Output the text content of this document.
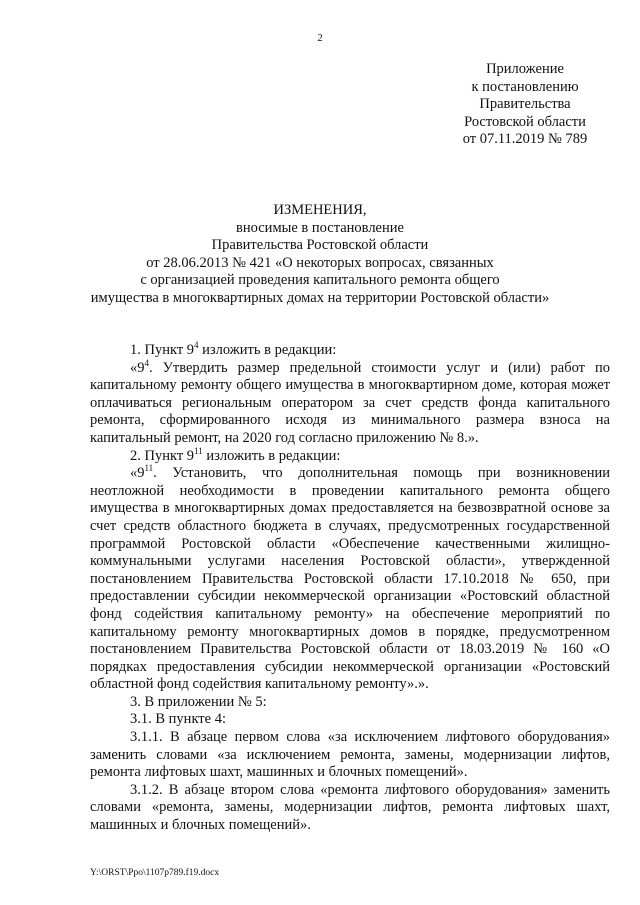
2
Приложение
к постановлению
Правительства
Ростовской области
от 07.11.2019 № 789
ИЗМЕНЕНИЯ,
вносимые в постановление
Правительства Ростовской области
от 28.06.2013 № 421 «О некоторых вопросах, связанных
с организацией проведения капитального ремонта общего
имущества в многоквартирных домах на территории Ростовской области»

1. Пункт $9^4$ изложить в редакции:

«$9^4$. Утвердить размер предельной стоимости услуг и (или) работ по капитальному ремонту общего имущества в многоквартирном доме, которая может оплачиваться региональным оператором за счет средств фонда капитального ремонта, сформированного исходя из минимального размера взноса на капитальный ремонт, на 2020 год согласно приложению № 8.».

2. Пункт $9^{11}$ изложить в редакции:

«$9^{11}$. Установить, что дополнительная помощь при возникновении неотложной необходимости в проведении капитального ремонта общего имущества в многоквартирных домах предоставляется на безвозвратной основе за счет средств областного бюджета в случаях, предусмотренных государственной программой Ростовской области «Обеспечение качественными жилищно-коммунальными услугами населения Ростовской области», утвержденной постановлением Правительства Ростовской области 17.10.2018 № 650, при предоставлении субсидии некоммерческой организации «Ростовский областной фонд содействия капитальному ремонту» на обеспечение мероприятий по капитальному ремонту многоквартирных домов в порядке, предусмотренном постановлением Правительства Ростовской области от 18.03.2019 № 160 «О порядках предоставления субсидии некоммерческой организации «Ростовский областной фонд содействия капитальному ремонту».».

3. В приложении № 5:

3.1. В пункте 4:

3.1.1. В абзаце первом слова «за исключением лифтового оборудования» заменить словами «за исключением ремонта, замены, модернизации лифтов, ремонта лифтовых шахт, машинных и блочных помещений».

3.1.2. В абзаце втором слова «ремонта лифтового оборудования» заменить словами «ремонта, замены, модернизации лифтов, ремонта лифтовых шахт, машинных и блочных помещений».

Y:\ORST\Ppo\1107p789.f19.docx
